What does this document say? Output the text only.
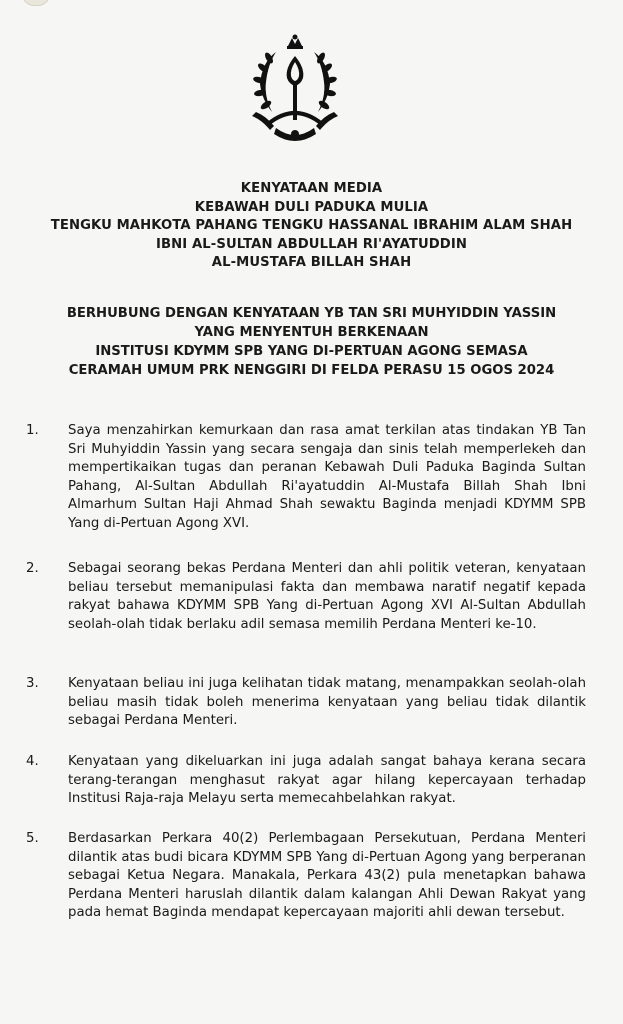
KENYATAAN MEDIA
KEBAWAH DULI PADUKA MULIA
TENGKU MAHKOTA PAHANG TENGKU HASSANAL IBRAHIM ALAM SHAH
IBNI AL-SULTAN ABDULLAH RI'AYATUDDIN
AL-MUSTAFA BILLAH SHAH
BERHUBUNG DENGAN KENYATAAN YB TAN SRI MUHYIDDIN YASSIN
YANG MENYENTUH BERKENAAN
INSTITUSI KDYMM SPB YANG DI-PERTUAN AGONG SEMASA
CERAMAH UMUM PRK NENGGIRI DI FELDA PERASU 15 OGOS 2024
1.	Saya menzahirkan kemurkaan dan rasa amat terkilan atas tindakan YB Tan Sri Muhyiddin Yassin yang secara sengaja dan sinis telah memperlekeh dan mempertikaikan tugas dan peranan Kebawah Duli Paduka Baginda Sultan Pahang, Al-Sultan Abdullah Ri'ayatuddin Al-Mustafa Billah Shah Ibni Almarhum Sultan Haji Ahmad Shah sewaktu Baginda menjadi KDYMM SPB Yang di-Pertuan Agong XVI.
2.	Sebagai seorang bekas Perdana Menteri dan ahli politik veteran, kenyataan beliau tersebut memanipulasi fakta dan membawa naratif negatif kepada rakyat bahawa KDYMM SPB Yang di-Pertuan Agong XVI Al-Sultan Abdullah seolah-olah tidak berlaku adil semasa memilih Perdana Menteri ke-10.
3.	Kenyataan beliau ini juga kelihatan tidak matang, menampakkan seolah-olah beliau masih tidak boleh menerima kenyataan yang beliau tidak dilantik sebagai Perdana Menteri.
4.	Kenyataan yang dikeluarkan ini juga adalah sangat bahaya kerana secara terang-terangan menghasut rakyat agar hilang kepercayaan terhadap Institusi Raja-raja Melayu serta memecahbelahkan rakyat.
5.	Berdasarkan Perkara 40(2) Perlembagaan Persekutuan, Perdana Menteri dilantik atas budi bicara KDYMM SPB Yang di-Pertuan Agong yang berperanan sebagai Ketua Negara. Manakala, Perkara 43(2) pula menetapkan bahawa Perdana Menteri haruslah dilantik dalam kalangan Ahli Dewan Rakyat yang pada hemat Baginda mendapat kepercayaan majoriti ahli dewan tersebut.
